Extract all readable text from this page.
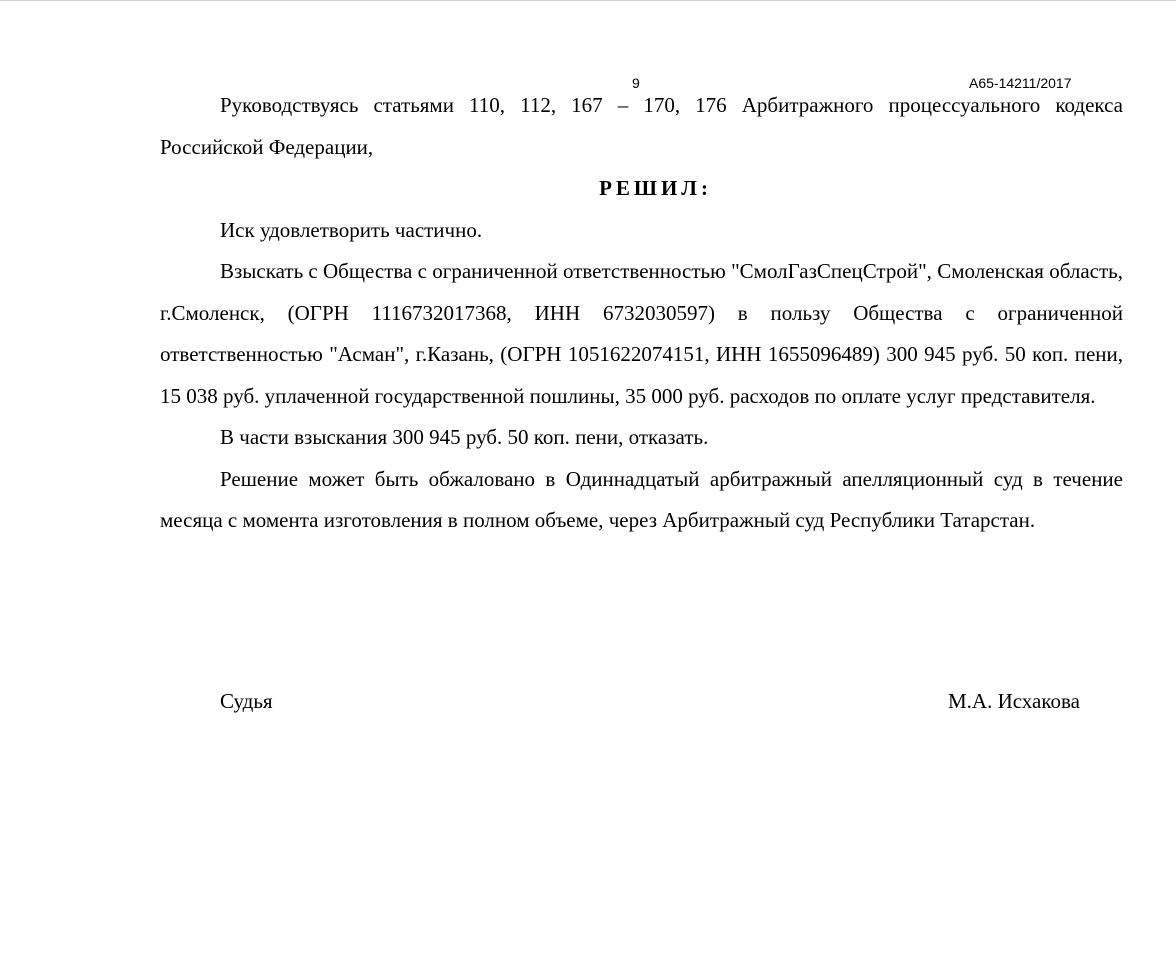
9	А65-14211/2017

Руководствуясь статьями 110, 112, 167 – 170, 176 Арбитражного процессуального кодекса Российской Федерации,

РЕШИЛ:

Иск удовлетворить частично.

Взыскать с Общества с ограниченной ответственностью "СмолГазСпецСтрой", Смоленская область, г.Смоленск, (ОГРН 1116732017368, ИНН 6732030597) в пользу Общества с ограниченной ответственностью "Асман", г.Казань, (ОГРН 1051622074151, ИНН 1655096489) 300 945 руб. 50 коп. пени, 15 038 руб. уплаченной государственной пошлины, 35 000 руб. расходов по оплате услуг представителя.

В части взыскания 300 945 руб. 50 коп. пени, отказать.

Решение может быть обжаловано в Одиннадцатый арбитражный апелляционный суд в течение месяца с момента изготовления в полном объеме, через Арбитражный суд Республики Татарстан.

Судья	М.А. Исхакова
